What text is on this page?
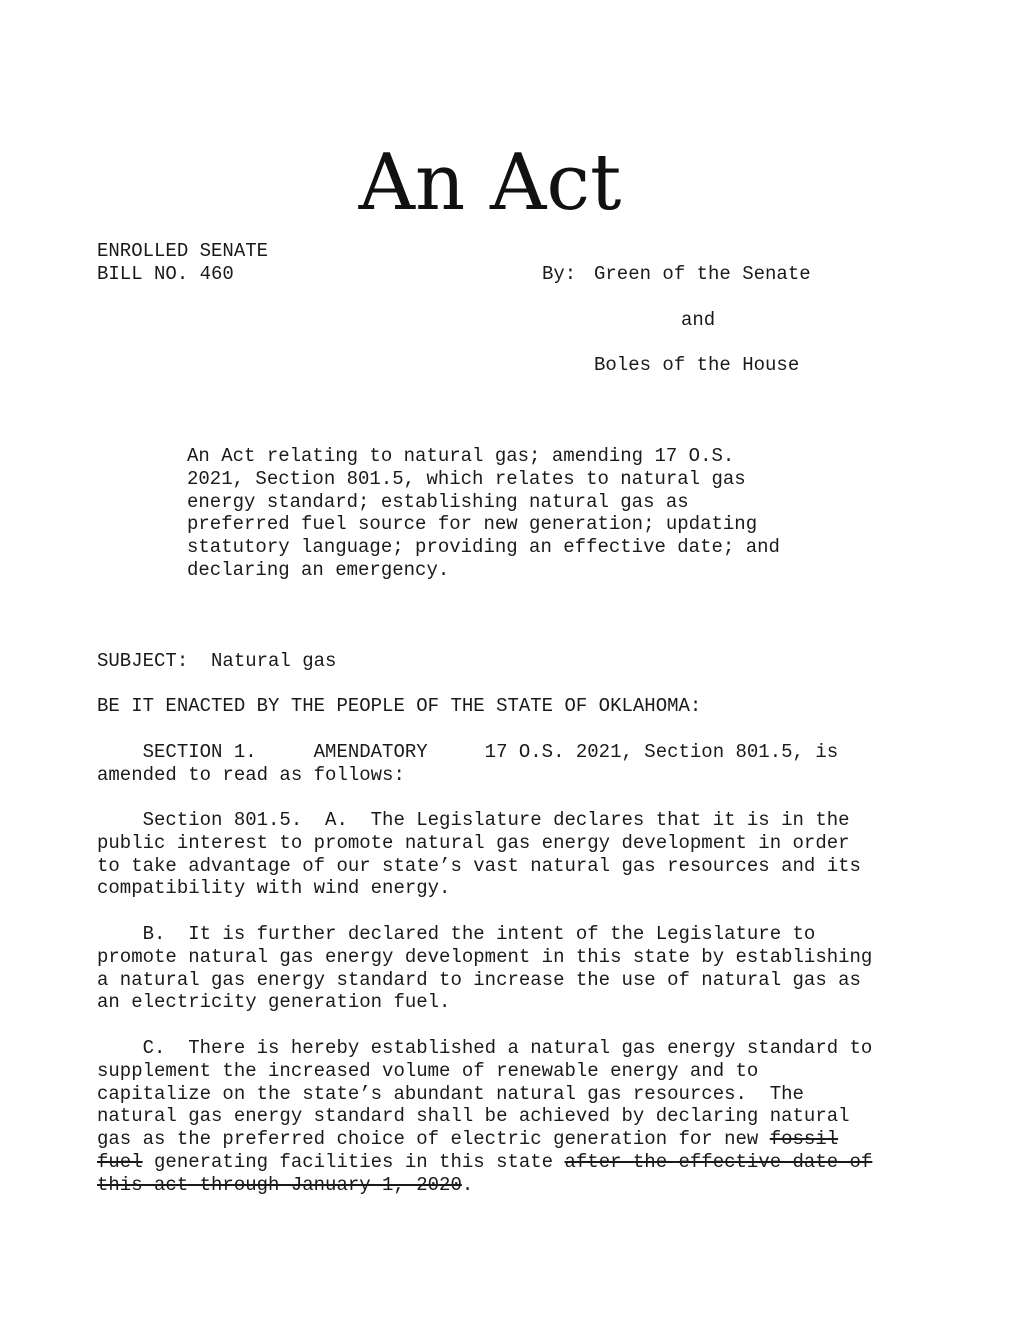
An Act
ENROLLED SENATE
BILL NO. 460	By: Green of the Senate
and
Boles of the House
An Act relating to natural gas; amending 17 O.S.
2021, Section 801.5, which relates to natural gas
energy standard; establishing natural gas as
preferred fuel source for new generation; updating
statutory language; providing an effective date; and
declaring an emergency.
SUBJECT:  Natural gas
BE IT ENACTED BY THE PEOPLE OF THE STATE OF OKLAHOMA:
SECTION 1.     AMENDATORY     17 O.S. 2021, Section 801.5, is
amended to read as follows:
Section 801.5.  A.  The Legislature declares that it is in the
public interest to promote natural gas energy development in order
to take advantage of our state’s vast natural gas resources and its
compatibility with wind energy.
B.  It is further declared the intent of the Legislature to
promote natural gas energy development in this state by establishing
a natural gas energy standard to increase the use of natural gas as
an electricity generation fuel.
C.  There is hereby established a natural gas energy standard to
supplement the increased volume of renewable energy and to
capitalize on the state’s abundant natural gas resources.  The
natural gas energy standard shall be achieved by declaring natural
gas as the preferred choice of electric generation for new fossil
fuel generating facilities in this state after the effective date of
this act through January 1, 2020.
